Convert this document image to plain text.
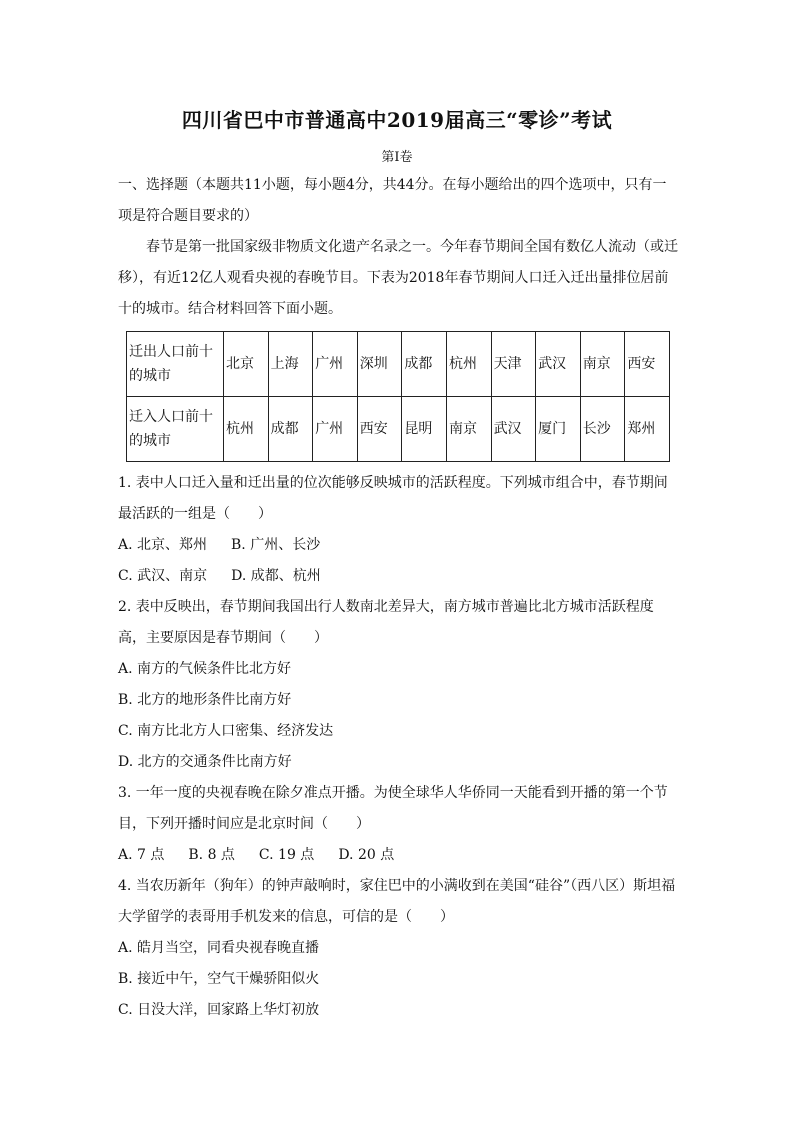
四川省巴中市普通高中2019届高三“零诊”考试
第I卷

一、选择题（本题共11小题，每小题4分，共44分。在每小题给出的四个选项中，只有一项是符合题目要求的）

春节是第一批国家级非物质文化遗产名录之一。今年春节期间全国有数亿人流动（或迁移），有近12亿人观看央视的春晚节目。下表为2018年春节期间人口迁入迁出量排位居前十的城市。结合材料回答下面小题。

迁出人口前十的城市	北京	上海	广州	深圳	成都	杭州	天津	武汉	南京	西安
迁入人口前十的城市	杭州	成都	广州	西安	昆明	南京	武汉	厦门	长沙	郑州

1. 表中人口迁入量和迁出量的位次能够反映城市的活跃程度。下列城市组合中，春节期间最活跃的一组是（　　）

A. 北京、郑州 B. 广州、长沙

C. 武汉、南京 D. 成都、杭州

2. 表中反映出，春节期间我国出行人数南北差异大，南方城市普遍比北方城市活跃程度高，主要原因是春节期间（　　）

A. 南方的气候条件比北方好

B. 北方的地形条件比南方好

C. 南方比北方人口密集、经济发达

D. 北方的交通条件比南方好

3. 一年一度的央视春晚在除夕准点开播。为使全球华人华侨同一天能看到开播的第一个节目，下列开播时间应是北京时间（　　）

A. 7 点 B. 8 点 C. 19 点 D. 20 点

4. 当农历新年（狗年）的钟声敲响时，家住巴中的小满收到在美国“硅谷”（西八区）斯坦福大学留学的表哥用手机发来的信息，可信的是（　　）

A. 皓月当空，同看央视春晚直播

B. 接近中午，空气干燥骄阳似火

C. 日没大洋，回家路上华灯初放
